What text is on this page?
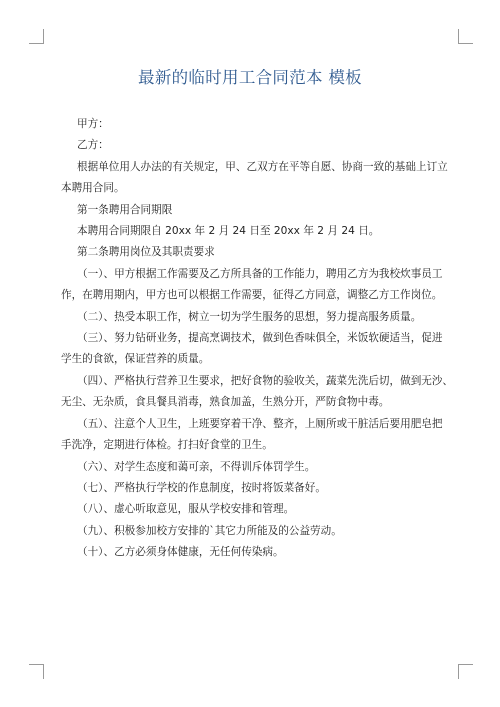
最新的临时用工合同范本 模板

甲方：

乙方：

根据单位用人办法的有关规定，甲、乙双方在平等自愿、协商一致的基础上订立

本聘用合同。

第一条聘用合同期限

本聘用合同期限自 20xx 年 2 月 24 日至 20xx 年 2 月 24 日。

第二条聘用岗位及其职责要求

（一）、甲方根据工作需要及乙方所具备的工作能力，聘用乙方为我校炊事员工

作，在聘用期内，甲方也可以根据工作需要，征得乙方同意，调整乙方工作岗位。

（二）、热受本职工作，树立一切为学生服务的思想，努力提高服务质量。

（三）、努力钻研业务，提高烹调技术，做到色香味俱全，米饭软硬适当，促进

学生的食欲，保证营养的质量。

（四）、严格执行营养卫生要求，把好食物的验收关，蔬菜先洗后切，做到无沙、

无尘、无杂质，食具餐具消毒，熟食加盖，生熟分开，严防食物中毒。

（五）、注意个人卫生，上班要穿着干净、整齐，上厕所或干脏活后要用肥皂把

手洗净，定期进行体检。打扫好食堂的卫生。

（六）、对学生态度和蔼可亲，不得训斥体罚学生。

（七）、严格执行学校的作息制度，按时将饭菜备好。

（八）、虚心听取意见，服从学校安排和管理。

（九）、积极参加校方安排的`其它力所能及的公益劳动。

（十）、乙方必须身体健康，无任何传染病。
